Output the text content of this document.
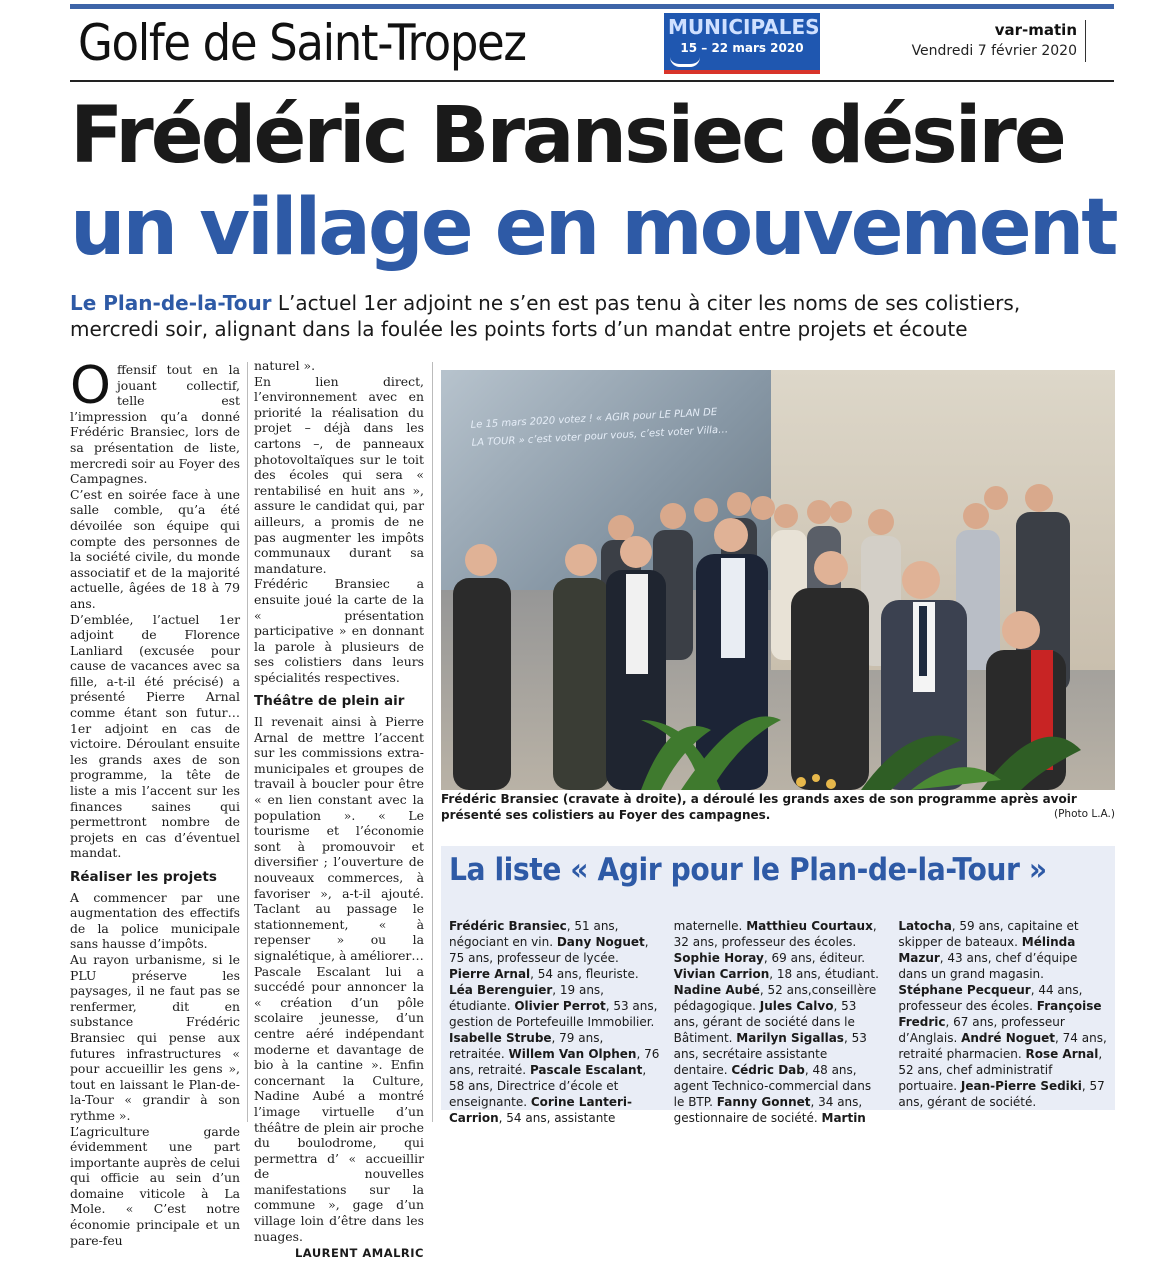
Golfe de Saint-Tropez	MUNICIPALES
15 – 22 mars 2020
var-matin
Vendredi 7 février 2020
Frédéric Bransiec désire
un village en mouvement
Le Plan-de-la-Tour L’actuel 1er adjoint ne s’en est pas tenu à citer les noms de ses colistiers, mercredi soir, alignant dans la foulée les points forts d’un mandat entre projets et écoute

Offensif tout en la jouant collectif, telle est l’impression qu’a donné Frédéric Bransiec, lors de sa présentation de liste, mercredi soir au Foyer des Campagnes.

C’est en soirée face à une salle comble, qu’a été dévoilée son équipe qui compte des personnes de la société civile, du monde associatif et de la majorité actuelle, âgées de 18 à 79 ans.

D’emblée, l’actuel 1er adjoint de Florence Lanliard (excusée pour cause de vacances avec sa fille, a-t-il été précisé) a présenté Pierre Arnal comme étant son futur… 1er adjoint en cas de victoire. Déroulant ensuite les grands axes de son programme, la tête de liste a mis l’accent sur les finances saines qui permettront nombre de projets en cas d’éventuel mandat.

Réaliser les projets

A commencer par une augmentation des effectifs de la police municipale sans hausse d’impôts.

Au rayon urbanisme, si le PLU préserve les paysages, il ne faut pas se renfermer, dit en substance Frédéric Bransiec qui pense aux futures infrastructures « pour accueillir les gens », tout en laissant le Plan-de-la-Tour « grandir à son rythme ».

L’agriculture garde évidemment une part importante auprès de celui qui officie au sein d’un domaine viticole à La Mole. « C’est notre économie principale et un pare-feu

naturel ».

En lien direct, l’environnement avec en priorité la réalisation du projet – déjà dans les cartons –, de panneaux photovoltaïques sur le toit des écoles qui sera « rentabilisé en huit ans », assure le candidat qui, par ailleurs, a promis de ne pas augmenter les impôts communaux durant sa mandature.

Frédéric Bransiec a ensuite joué la carte de la « présentation participative » en donnant la parole à plusieurs de ses colistiers dans leurs spécialités respectives.

Théâtre de plein air

Il revenait ainsi à Pierre Arnal de mettre l’accent sur les commissions extra-municipales et groupes de travail à boucler pour être « en lien constant avec la population ». « Le tourisme et l’économie sont à promouvoir et diversifier ; l’ouverture de nouveaux commerces, à favoriser », a-t-il ajouté. Taclant au passage le stationnement, « à repenser » ou la signalétique, à améliorer…

Pascale Escalant lui a succédé pour annoncer la « création d’un pôle scolaire jeunesse, d’un centre aéré indépendant moderne et davantage de bio à la cantine ». Enfin concernant la Culture, Nadine Aubé a montré l’image virtuelle d’un théâtre de plein air proche du boulodrome, qui permettra d’ « accueillir de nouvelles manifestations sur la commune », gage d’un village loin d’être dans les nuages.

LAURENT AMALRIC
Le 15 mars 2020 votez ! « AGIR pour LE PLAN DE LA TOUR » c’est voter pour vous, c’est voter Villa…
Frédéric Bransiec (cravate à droite), a déroulé les grands axes de son programme après avoir présenté ses colistiers au Foyer des campagnes.	(Photo L.A.)
La liste « Agir pour le Plan-de-la-Tour »
Frédéric Bransiec, 51 ans, négociant en vin. Dany Noguet, 75 ans, professeur de lycée. Pierre Arnal, 54 ans, fleuriste. Léa Berenguier, 19 ans, étudiante. Olivier Perrot, 53 ans, gestion de Portefeuille Immobilier. Isabelle Strube, 79 ans, retraitée. Willem Van Olphen, 76 ans, retraité. Pascale Escalant, 58 ans, Directrice d’école et enseignante. Corine Lanteri-Carrion, 54 ans, assistante maternelle. Matthieu Courtaux, 32 ans, professeur des écoles. Sophie Horay, 69 ans, éditeur. Vivian Carrion, 18 ans, étudiant. Nadine Aubé, 52 ans,conseillère pédagogique. Jules Calvo, 53 ans, gérant de société dans le Bâtiment. Marilyn Sigallas, 53 ans, secrétaire assistante dentaire. Cédric Dab, 48 ans, agent Technico-commercial dans le BTP. Fanny Gonnet, 34 ans, gestionnaire de société. Martin Latocha, 59 ans, capitaine et skipper de bateaux. Mélinda Mazur, 43 ans, chef d’équipe dans un grand magasin. Stéphane Pecqueur, 44 ans, professeur des écoles. Françoise Fredric, 67 ans, professeur d’Anglais. André Noguet, 74 ans, retraité pharmacien. Rose Arnal, 52 ans, chef administratif portuaire. Jean-Pierre Sediki, 57 ans, gérant de société.
